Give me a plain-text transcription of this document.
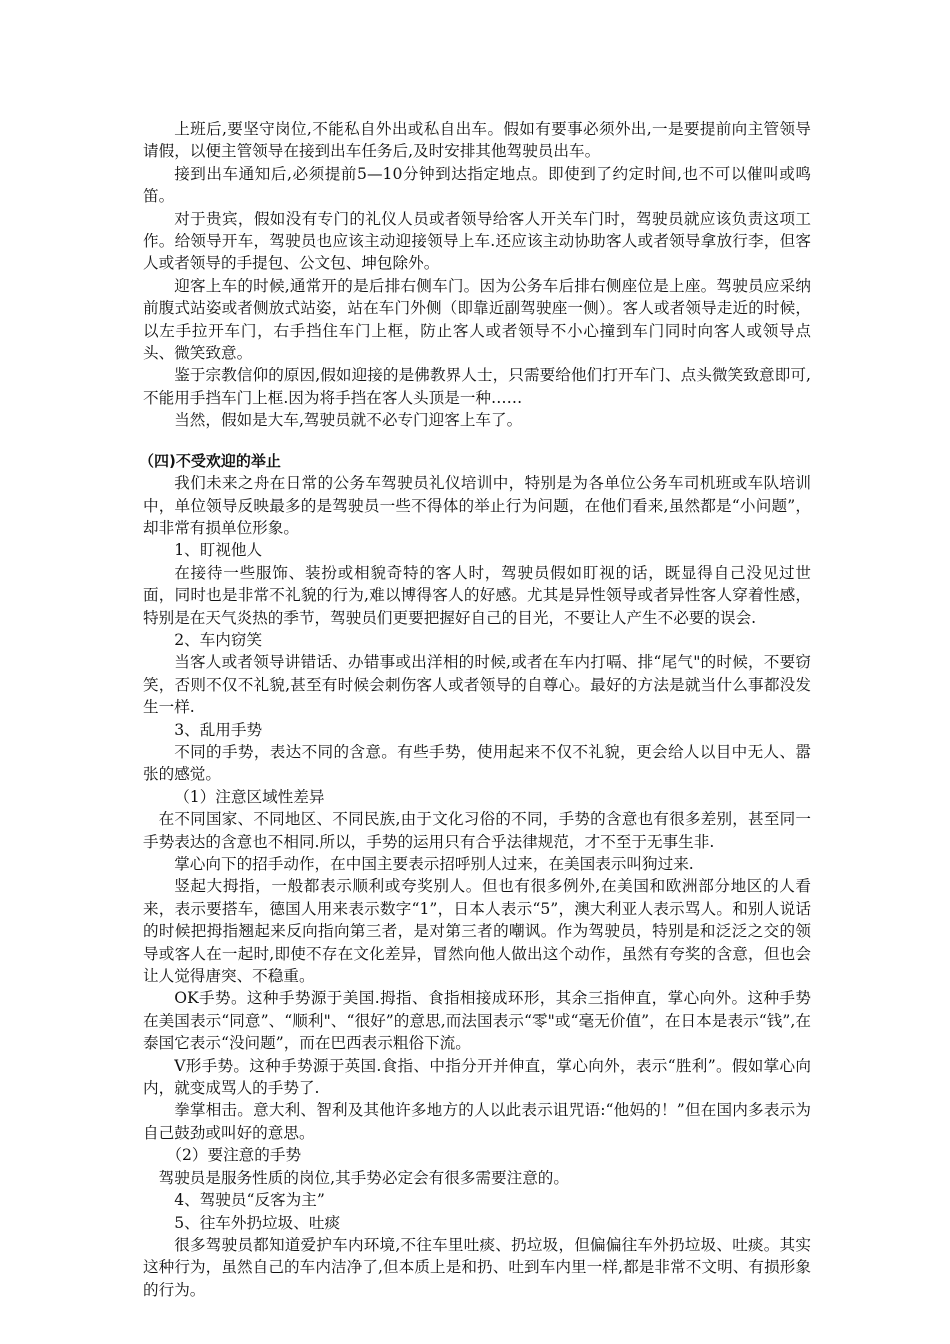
上班后,要坚守岗位,不能私自外出或私自出车。假如有要事必须外出,一是要提前向主管领导请假，以便主管领导在接到出车任务后,及时安排其他驾驶员出车。

接到出车通知后,必须提前5—10分钟到达指定地点。即使到了约定时间,也不可以催叫或鸣笛。

对于贵宾，假如没有专门的礼仪人员或者领导给客人开关车门时，驾驶员就应该负责这项工作。给领导开车，驾驶员也应该主动迎接领导上车.还应该主动协助客人或者领导拿放行李，但客人或者领导的手提包、公文包、坤包除外。

迎客上车的时候,通常开的是后排右侧车门。因为公务车后排右侧座位是上座。驾驶员应采纳前腹式站姿或者侧放式站姿，站在车门外侧（即靠近副驾驶座一侧）。客人或者领导走近的时候，以左手拉开车门，右手挡住车门上框，防止客人或者领导不小心撞到车门同时向客人或领导点头、微笑致意。

鉴于宗教信仰的原因,假如迎接的是佛教界人士，只需要给他们打开车门、点头微笑致意即可,不能用手挡车门上框.因为将手挡在客人头顶是一种……

当然，假如是大车,驾驶员就不必专门迎客上车了。

（四)不受欢迎的举止

我们未来之舟在日常的公务车驾驶员礼仪培训中，特别是为各单位公务车司机班或车队培训中，单位领导反映最多的是驾驶员一些不得体的举止行为问题，在他们看来,虽然都是“小问题”，却非常有损单位形象。

1、盯视他人

在接待一些服饰、装扮或相貌奇特的客人时，驾驶员假如盯视的话，既显得自己没见过世面，同时也是非常不礼貌的行为,难以博得客人的好感。尤其是异性领导或者异性客人穿着性感，特别是在天气炎热的季节，驾驶员们更要把握好自己的目光，不要让人产生不必要的误会.

2、车内窃笑

当客人或者领导讲错话、办错事或出洋相的时候,或者在车内打嗝、排“尾气"的时候，不要窃笑，否则不仅不礼貌,甚至有时候会刺伤客人或者领导的自尊心。最好的方法是就当什么事都没发生一样.

3、乱用手势

不同的手势，表达不同的含意。有些手势，使用起来不仅不礼貌，更会给人以目中无人、嚣张的感觉。

（1）注意区域性差异

在不同国家、不同地区、不同民族,由于文化习俗的不同，手势的含意也有很多差别，甚至同一手势表达的含意也不相同.所以，手势的运用只有合乎法律规范，才不至于无事生非.

掌心向下的招手动作，在中国主要表示招呼别人过来，在美国表示叫狗过来.

竖起大拇指，一般都表示顺利或夸奖别人。但也有很多例外,在美国和欧洲部分地区的人看来，表示要搭车，德国人用来表示数字“1”，日本人表示“5”，澳大利亚人表示骂人。和别人说话的时候把拇指翘起来反向指向第三者，是对第三者的嘲讽。作为驾驶员，特别是和泛泛之交的领导或客人在一起时,即使不存在文化差异，冒然向他人做出这个动作，虽然有夸奖的含意，但也会让人觉得唐突、不稳重。

OK手势。这种手势源于美国.拇指、食指相接成环形，其余三指伸直，掌心向外。这种手势在美国表示“同意”、“顺利"、“很好”的意思,而法国表示“零"或“毫无价值”，在日本是表示“钱”,在泰国它表示“没问题”，而在巴西表示粗俗下流。

V形手势。这种手势源于英国.食指、中指分开并伸直，掌心向外，表示“胜利”。假如掌心向内，就变成骂人的手势了.

拳掌相击。意大利、智利及其他许多地方的人以此表示诅咒语:“他妈的！”但在国内多表示为自己鼓劲或叫好的意思。

（2）要注意的手势

驾驶员是服务性质的岗位,其手势必定会有很多需要注意的。

4、驾驶员“反客为主”

5、往车外扔垃圾、吐痰

很多驾驶员都知道爱护车内环境,不往车里吐痰、扔垃圾，但偏偏往车外扔垃圾、吐痰。其实这种行为，虽然自己的车内洁净了,但本质上是和扔、吐到车内里一样,都是非常不文明、有损形象的行为。
